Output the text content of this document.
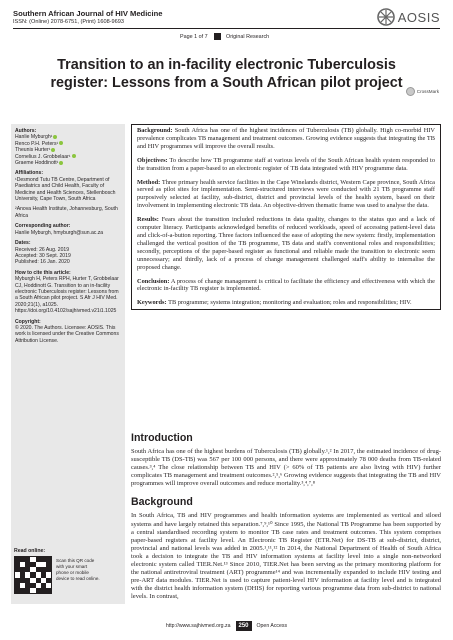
Southern African Journal of HIV Medicine
ISSN: (Online) 2078-6751, (Print) 1608-9693
Page 1 of 7	Original Research
AOSIS
Transition to an in-facility electronic Tuberculosis register: Lessons from a South African pilot project
CrossMark
Authors:
Hanlie Myburgh¹
Renco P.H. Peters¹
Theunis Hurter¹
Cornelius J. Grobbelaar¹
Graeme Hoddinott¹
Affiliations:
¹Desmond Tutu TB Centre, Department of Paediatrics and Child Health, Faculty of Medicine and Health Sciences, Stellenbosch University, Cape Town, South Africa
²Anova Health Institute, Johannesburg, South Africa
Corresponding author:
Hanlie Myburgh, hmyburgh@sun.ac.za
Dates:
Received: 26 Aug. 2019
Accepted: 30 Sept. 2019
Published: 16 Jan. 2020
How to cite this article:
Myburgh H, Peters RPH, Hurter T, Grobbelaar CJ, Hoddinott G. Transition to an in-facility electronic Tuberculosis register: Lessons from a South African pilot project. S Afr J HIV Med. 2020;21(1), a1025. https://doi.org/10.4102/sajhivmed.v21i1.1025
Copyright:
© 2020. The Authors. Licensee: AOSIS. This work is licensed under the Creative Commons Attribution License.
Read online:
Scan this QR code with your smart phone or mobile device to read online.

Background: South Africa has one of the highest incidences of Tuberculosis (TB) globally. High co-morbid HIV prevalence complicates TB management and treatment outcomes. Growing evidence suggests that integrating the TB and HIV programmes will improve the overall results.

Objectives: To describe how TB programme staff at various levels of the South African health system responded to the transition from a paper-based to an electronic register of TB data integrated with HIV programme data.

Method: Three primary health service facilities in the Cape Winelands district, Western Cape province, South Africa served as pilot sites for implementation. Semi-structured interviews were conducted with 21 TB programme staff purposively selected at facility, sub-district, district and provincial levels of the health system, based on their involvement in implementing electronic TB data. An objective-driven thematic frame was used to analyse the data.

Results: Fears about the transition included reductions in data quality, changes to the status quo and a lack of computer literacy. Participants acknowledged benefits of reduced workloads, speed of accessing patient-level data and click-of-a-button reporting. Three factors influenced the ease of adopting the new system: firstly, implementation challenged the vertical position of the TB programme, TB data and staff's conventional roles and responsibilities; secondly, perceptions of the paper-based register as functional and reliable made the transition to electronic seem unnecessary; and thirdly, lack of a process of change management challenged staff's ability to internalise the proposed change.

Conclusion: A process of change management is critical to facilitate the efficiency and effectiveness with which the electronic in-facility TB register is implemented.

Keywords: TB programme; systems integration; monitoring and evaluation; roles and responsibilities; HIV.

Introduction

South Africa has one of the highest burdens of Tuberculosis (TB) globally.¹,² In 2017, the estimated incidence of drug-susceptible TB (DS-TB) was 567 per 100 000 persons, and there were approximately 78 000 deaths from TB-related causes.³,⁴ The close relationship between TB and HIV (> 60% of TB patients are also living with HIV) further complicates TB management and treatment outcomes.²,⁵,⁶ Growing evidence suggests that integrating the TB and HIV programmes will improve overall outcomes and reduce mortality.³,⁴,⁷,⁸

Background

In South Africa, TB and HIV programmes and health information systems are implemented as vertical and siloed systems and have largely retained this separation.⁷,⁹,¹⁰ Since 1995, the National TB Programme has been supported by a central standardised recording system to monitor TB case rates and treatment outcomes. This system comprises paper-based registers at facility level. An Electronic TB Register (ETR.Net) for DS-TB at sub-district, district, provincial and national levels was added in 2005.¹,¹¹,¹² In 2014, the National Department of Health of South Africa took a decision to integrate the TB and HIV information systems at facility level into a single non-networked electronic system called TIER.Net.¹³ Since 2010, TIER.Net has been serving as the primary monitoring platform for the national antiretroviral treatment (ART) programme¹⁴ and was incrementally expanded to include HIV testing and pre-ART data modules. TIER.Net is used to capture patient-level HIV information at facility level and is integrated with the district health information system (DHIS) for reporting various programme data from sub-district to national levels. In contrast,

http://www.sajhivmed.org.za	250	Open Access
